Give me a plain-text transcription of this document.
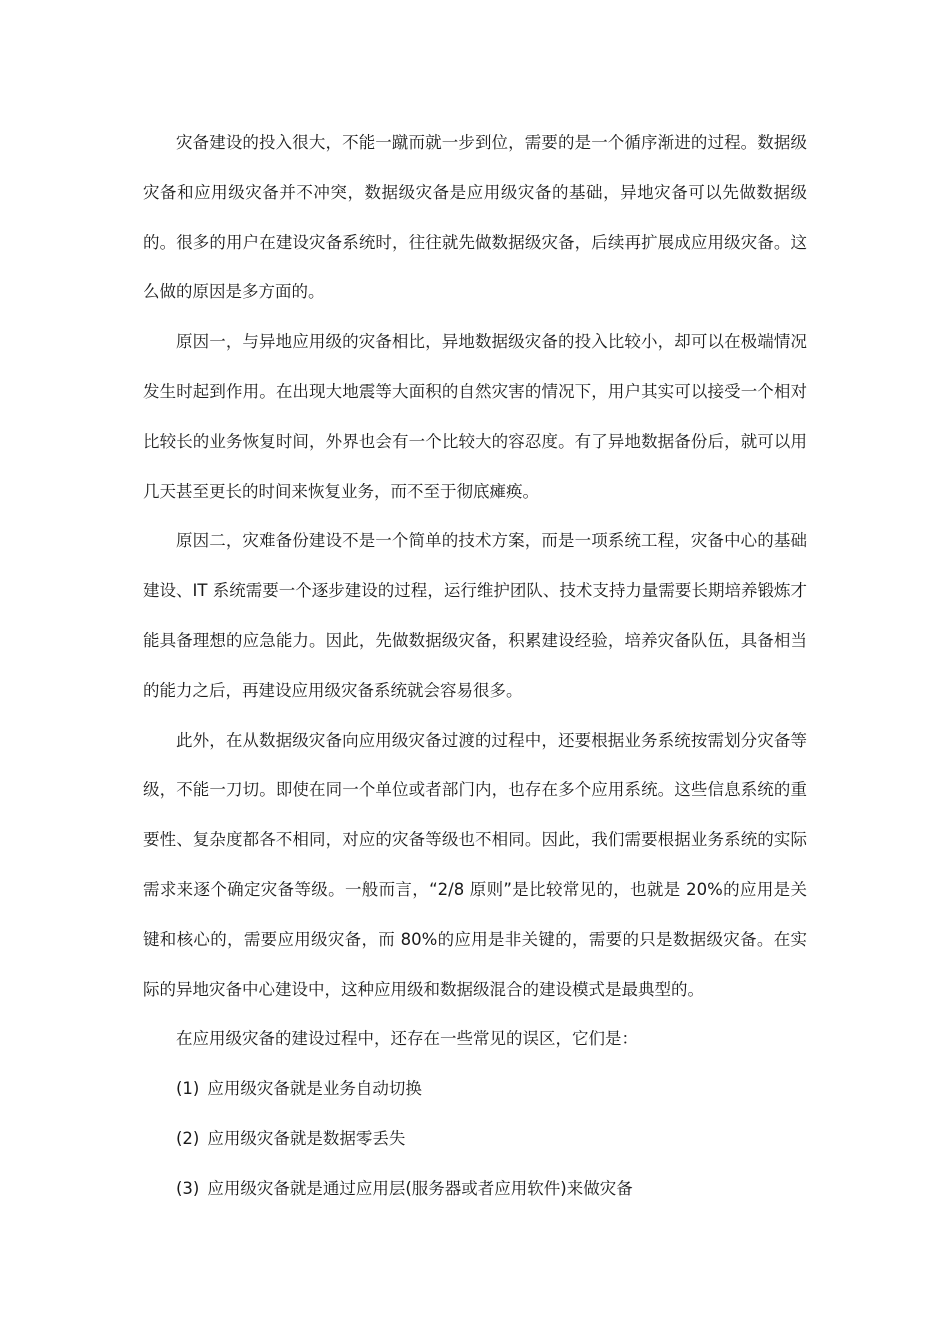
灾备建设的投入很大，不能一蹴而就一步到位，需要的是一个循序渐进的过程。数据级灾备和应用级灾备并不冲突，数据级灾备是应用级灾备的基础，异地灾备可以先做数据级的。很多的用户在建设灾备系统时，往往就先做数据级灾备，后续再扩展成应用级灾备。这么做的原因是多方面的。

原因一，与异地应用级的灾备相比，异地数据级灾备的投入比较小，却可以在极端情况发生时起到作用。在出现大地震等大面积的自然灾害的情况下，用户其实可以接受一个相对比较长的业务恢复时间，外界也会有一个比较大的容忍度。有了异地数据备份后，就可以用几天甚至更长的时间来恢复业务，而不至于彻底瘫痪。

原因二，灾难备份建设不是一个简单的技术方案，而是一项系统工程，灾备中心的基础建设、IT 系统需要一个逐步建设的过程，运行维护团队、技术支持力量需要长期培养锻炼才能具备理想的应急能力。因此，先做数据级灾备，积累建设经验，培养灾备队伍，具备相当的能力之后，再建设应用级灾备系统就会容易很多。

此外，在从数据级灾备向应用级灾备过渡的过程中，还要根据业务系统按需划分灾备等级，不能一刀切。即使在同一个单位或者部门内，也存在多个应用系统。这些信息系统的重要性、复杂度都各不相同，对应的灾备等级也不相同。因此，我们需要根据业务系统的实际需求来逐个确定灾备等级。一般而言，“2/8 原则”是比较常见的，也就是 20%的应用是关键和核心的，需要应用级灾备，而 80%的应用是非关键的，需要的只是数据级灾备。在实际的异地灾备中心建设中，这种应用级和数据级混合的建设模式是最典型的。

在应用级灾备的建设过程中，还存在一些常见的误区，它们是：

(1) 应用级灾备就是业务自动切换

(2) 应用级灾备就是数据零丢失

(3) 应用级灾备就是通过应用层(服务器或者应用软件)来做灾备
